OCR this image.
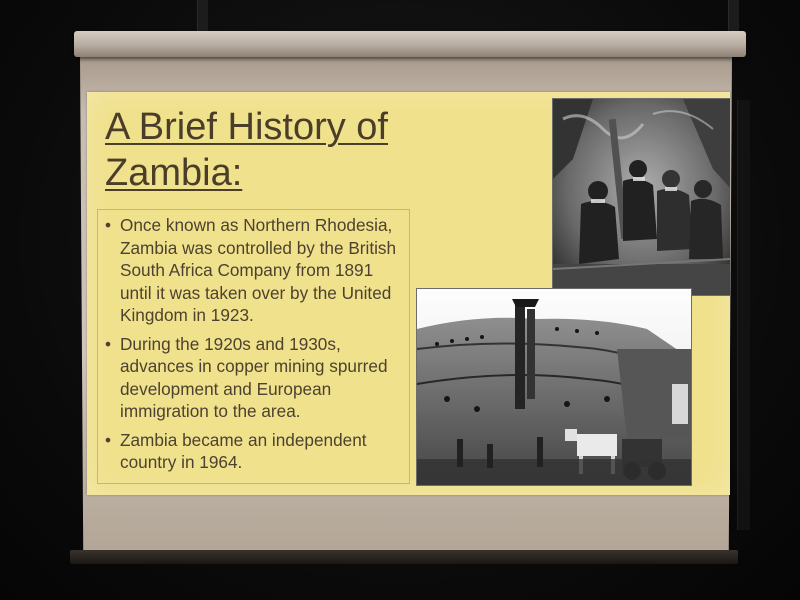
A Brief History of
Zambia:
• Once known as Northern Rhodesia, Zambia was controlled by the British South Africa Company from 1891 until it was taken over by the United Kingdom in 1923.
• During the 1920s and 1930s, advances in copper mining spurred development and European immigration to the area.
• Zambia became an independent country in 1964.
